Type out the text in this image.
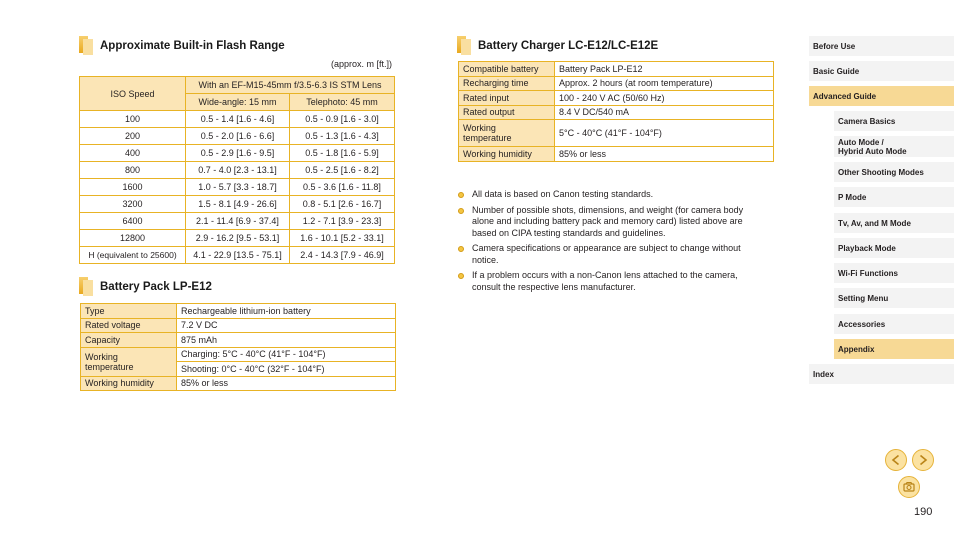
Approximate Built-in Flash Range
(approx. m [ft.])
ISO Speed	With an EF-M15-45mm f/3.5-6.3 IS STM Lens	
	Wide-angle: 15 mm	Telephoto: 45 mm
100	0.5 - 1.4 [1.6 - 4.6]	0.5 - 0.9 [1.6 - 3.0]
200	0.5 - 2.0 [1.6 - 6.6]	0.5 - 1.3 [1.6 - 4.3]
400	0.5 - 2.9 [1.6 - 9.5]	0.5 - 1.8 [1.6 - 5.9]
800	0.7 - 4.0 [2.3 - 13.1]	0.5 - 2.5 [1.6 - 8.2]
1600	1.0 - 5.7 [3.3 - 18.7]	0.5 - 3.6 [1.6 - 11.8]
3200	1.5 - 8.1 [4.9 - 26.6]	0.8 - 5.1 [2.6 - 16.7]
6400	2.1 - 11.4 [6.9 - 37.4]	1.2 - 7.1 [3.9 - 23.3]
12800	2.9 - 16.2 [9.5 - 53.1]	1.6 - 10.1 [5.2 - 33.1]
H (equivalent to 25600)	4.1 - 22.9 [13.5 - 75.1]	2.4 - 14.3 [7.9 - 46.9]
Battery Pack LP-E12
Type	Rechargeable lithium-ion battery
Rated voltage	7.2 V DC
Capacity	875 mAh
Working
temperature	Charging: 5°C - 40°C (41°F - 104°F)
	Shooting: 0°C - 40°C (32°F - 104°F)
Working humidity	85% or less
Battery Charger LC-E12/LC-E12E
Compatible battery	Battery Pack LP-E12
Recharging time	Approx. 2 hours (at room temperature)
Rated input	100 - 240 V AC (50/60 Hz)
Rated output	8.4 V DC/540 mA
Working
temperature	5°C - 40°C (41°F - 104°F)
Working humidity	85% or less
All data is based on Canon testing standards.
Number of possible shots, dimensions, and weight (for camera body alone and including battery pack and memory card) listed above are based on CIPA testing standards and guidelines.
Camera specifications or appearance are subject to change without notice.
If a problem occurs with a non-Canon lens attached to the camera, consult the respective lens manufacturer.
Before Use
Basic Guide
Advanced Guide
Camera Basics
Auto Mode /
Hybrid Auto Mode
Other Shooting Modes
P Mode
Tv, Av, and M Mode
Playback Mode
Wi-Fi Functions
Setting Menu
Accessories
Appendix
Index
190
